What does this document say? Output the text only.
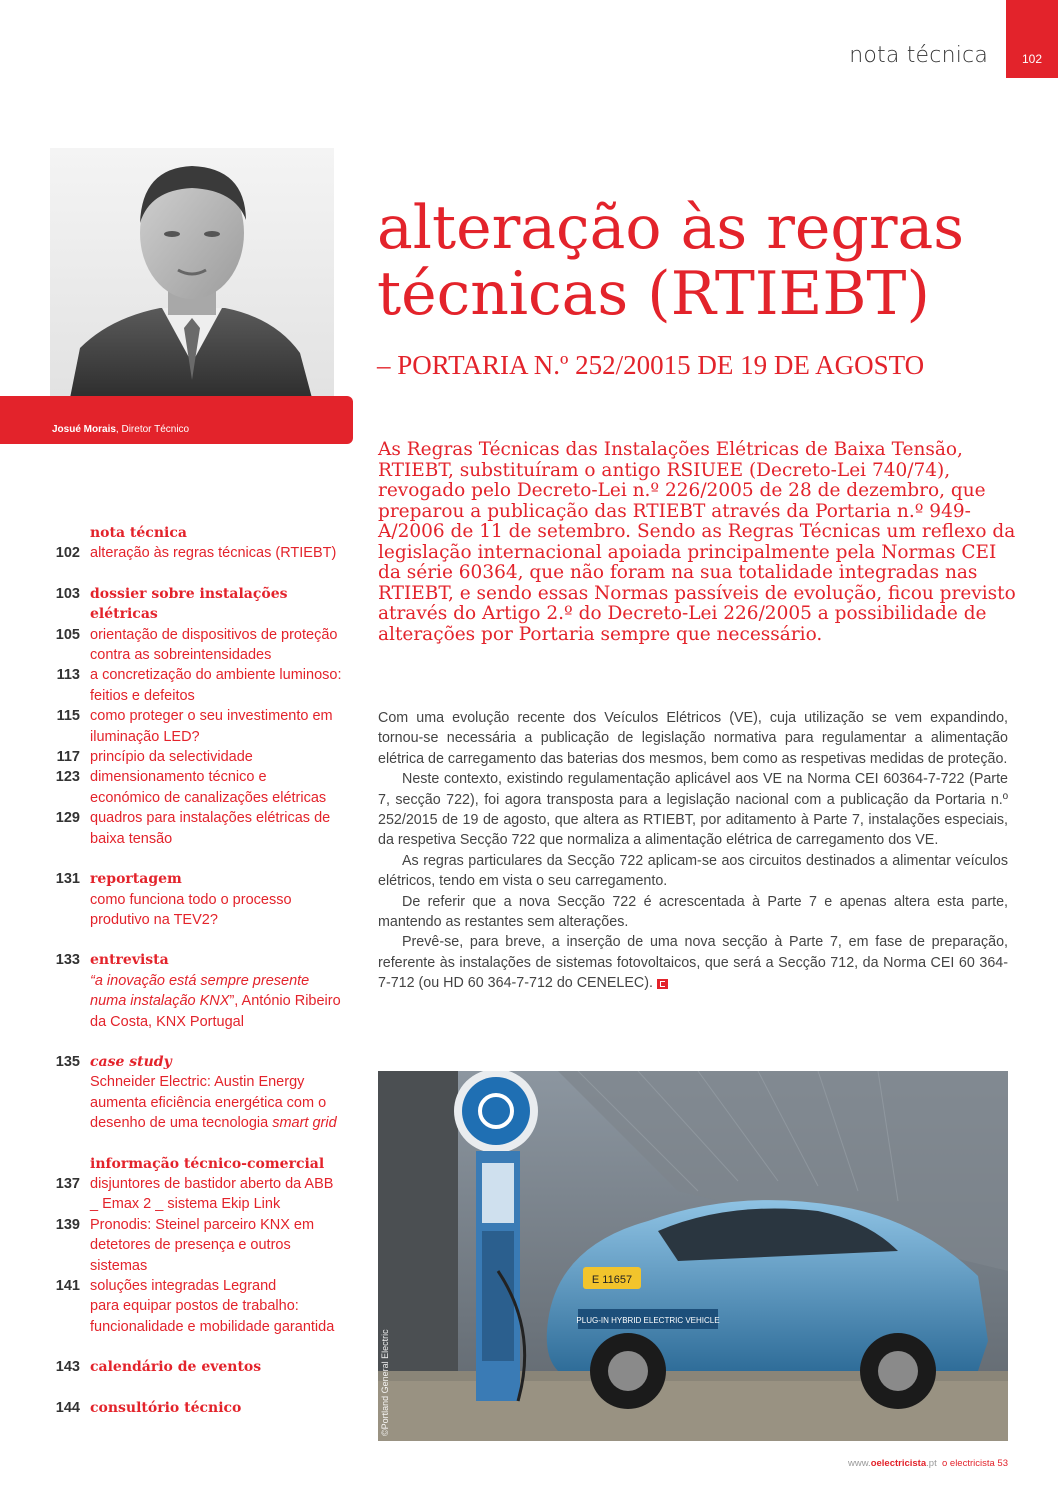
nota técnica	102
Josué Morais, Diretor Técnico
alteração às regras
técnicas (RTIEBT)
– PORTARIA N.º 252/20015 DE 19 DE AGOSTO

As Regras Técnicas das Instalações Elétricas de Baixa Tensão, RTIEBT, substituíram o antigo RSIUEE (Decreto-Lei 740/74), revogado pelo Decreto-Lei n.º 226/2005 de 28 de dezembro, que preparou a publicação das RTIEBT através da Portaria n.º 949-A/2006 de 11 de setembro. Sendo as Regras Técnicas um reflexo da legislação internacional apoiada principalmente pela Normas CEI da série 60364, que não foram na sua totalidade integradas nas RTIEBT, e sendo essas Normas passíveis de evolução, ficou previsto através do Artigo 2.º do Decreto-Lei 226/2005 a possibilidade de alterações por Portaria sempre que necessário.

Com uma evolução recente dos Veículos Elétricos (VE), cuja utilização se vem expandindo, tornou-se necessária a publicação de legislação normativa para regulamentar a alimentação elétrica de carregamento das baterias dos mesmos, bem como as respetivas medidas de proteção.

Neste contexto, existindo regulamentação aplicável aos VE na Norma CEI 60364-7-722 (Parte 7, secção 722), foi agora transposta para a legislação nacional com a publicação da Portaria n.º 252/2015 de 19 de agosto, que altera as RTIEBT, por aditamento à Parte 7, instalações especiais, da respetiva Secção 722 que normaliza a alimentação elétrica de carregamento dos VE.

As regras particulares da Secção 722 aplicam-se aos circuitos destinados a alimentar veículos elétricos, tendo em vista o seu carregamento.

De referir que a nova Secção 722 é acrescentada à Parte 7 e apenas altera esta parte, mantendo as restantes sem alterações.

Prevê-se, para breve, a inserção de uma nova secção à Parte 7, em fase de preparação, referente às instalações de sistemas fotovoltaicos, que será a Secção 712, da Norma CEI 60 364-7-712 (ou HD 60 364-7-712 do CENELEC).

nota técnica
102 alteração às regras técnicas (RTIEBT)
103 dossier sobre instalações
elétricas
105 orientação de dispositivos de proteção
contra as sobreintensidades
113 a concretização do ambiente luminoso:
feitios e defeitos
115 como proteger o seu investimento em
iluminação LED?
117 princípio da selectividade
123 dimensionamento técnico e
económico de canalizações elétricas
129 quadros para instalações elétricas de
baixa tensão
131 reportagem
como funciona todo o processo
produtivo na TEV2?
133 entrevista
“a inovação está sempre presente
numa instalação KNX”, António Ribeiro
da Costa, KNX Portugal
135 case study
Schneider Electric: Austin Energy
aumenta eficiência energética com o
desenho de uma tecnologia smart grid
informação técnico-comercial
137 disjuntores de bastidor aberto da ABB
_ Emax 2 _ sistema Ekip Link
139 Pronodis: Steinel parceiro KNX em
detetores de presença e outros
sistemas
141 soluções integradas Legrand
para equipar postos de trabalho:
funcionalidade e mobilidade garantida
143 calendário de eventos
144 consultório técnico
E 11657
PLUG-IN HYBRID ELECTRIC VEHICLE
©Portland General Electric
www.oelectricista.pt o electricista 53
